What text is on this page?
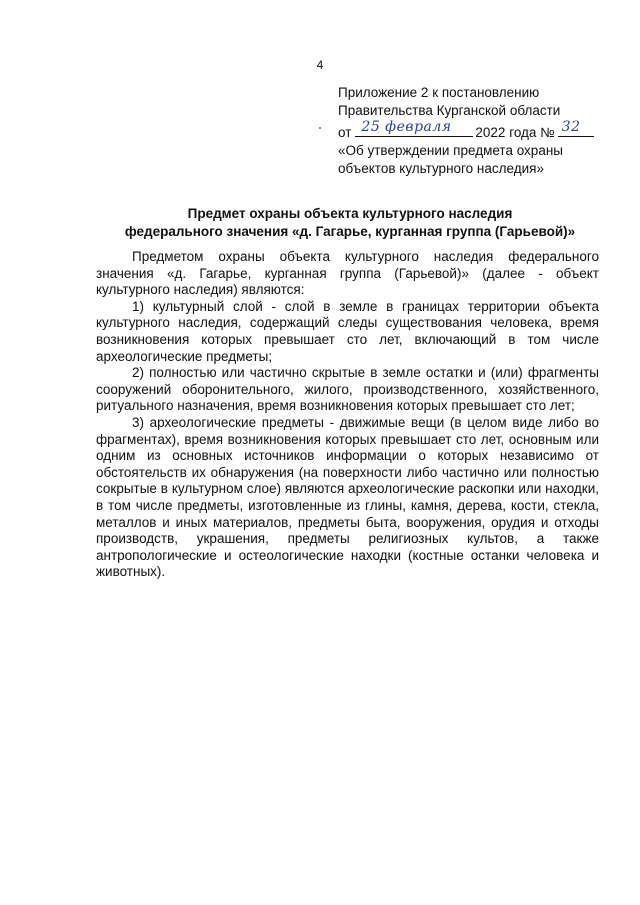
4
Приложение 2 к постановлению
Правительства Курганской области
от 25 февраля 2022 года № 32
«Об утверждении предмета охраны
объектов культурного наследия»
Предмет охраны объекта культурного наследия
федерального значения «д. Гагарье, курганная группа (Гарьевой)»

Предметом охраны объекта культурного наследия федерального значения «д. Гагарье, курганная группа (Гарьевой)» (далее - объект культурного наследия) являются:

1) культурный слой - слой в земле в границах территории объекта культурного наследия, содержащий следы существования человека, время возникновения которых превышает сто лет, включающий в том числе археологические предметы;

2) полностью или частично скрытые в земле остатки и (или) фрагменты сооружений оборонительного, жилого, производственного, хозяйственного, ритуального назначения, время возникновения которых превышает сто лет;

3) археологические предметы - движимые вещи (в целом виде либо во фрагментах), время возникновения которых превышает сто лет, основным или одним из основных источников информации о которых независимо от обстоятельств их обнаружения (на поверхности либо частично или полностью сокрытые в культурном слое) являются археологические раскопки или находки, в том числе предметы, изготовленные из глины, камня, дерева, кости, стекла, металлов и иных материалов, предметы быта, вооружения, орудия и отходы производств, украшения, предметы религиозных культов, а также антропологические и остеологические находки (костные останки человека и животных).
